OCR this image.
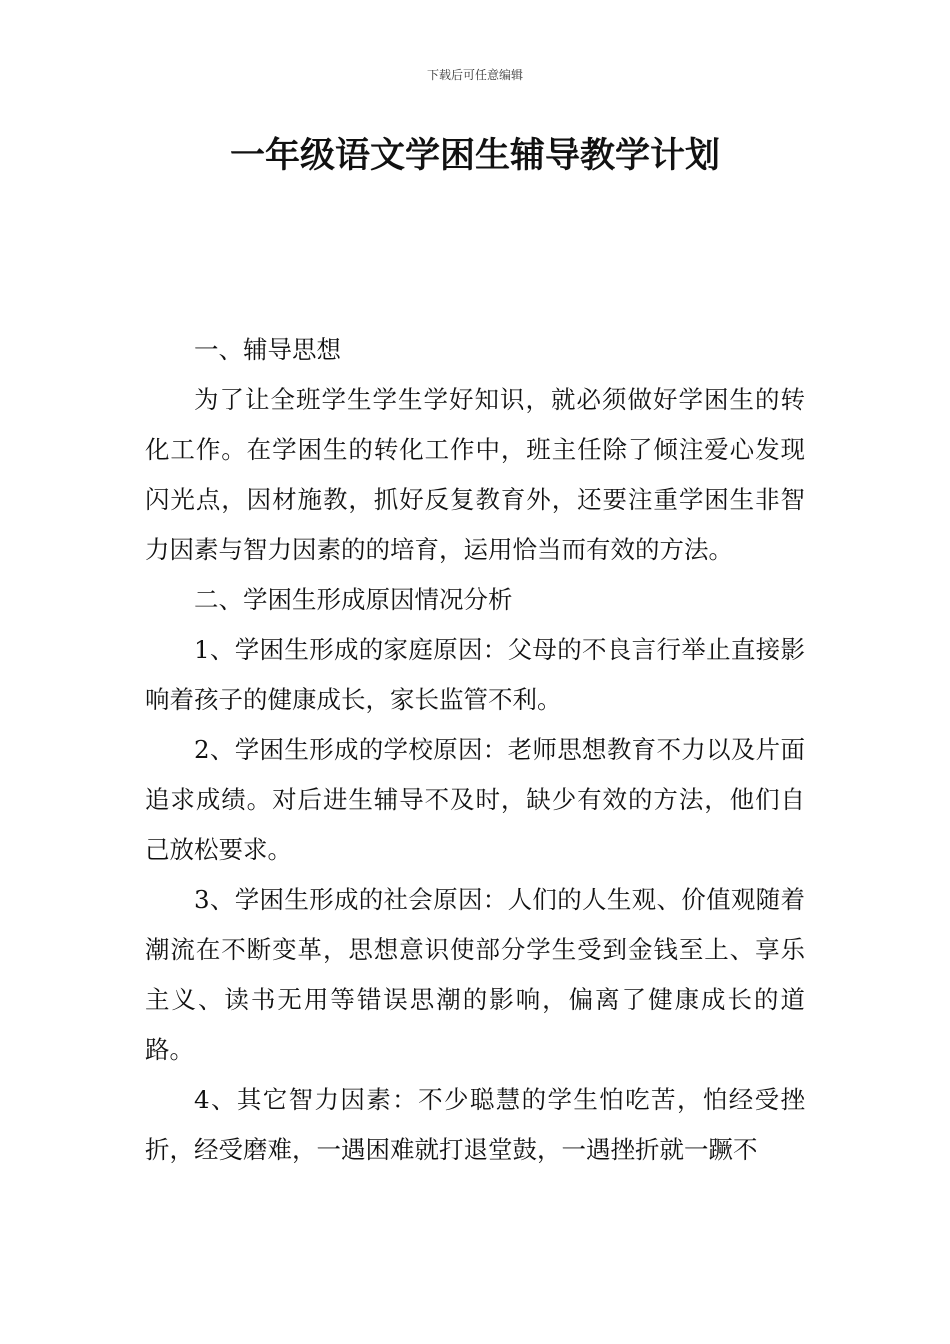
下载后可任意编辑
一年级语文学困生辅导教学计划

一、辅导思想

为了让全班学生学生学好知识，就必须做好学困生的转化工作。在学困生的转化工作中，班主任除了倾注爱心发现闪光点，因材施教，抓好反复教育外，还要注重学困生非智力因素与智力因素的的培育，运用恰当而有效的方法。

二、学困生形成原因情况分析

1、学困生形成的家庭原因：父母的不良言行举止直接影响着孩子的健康成长，家长监管不利。

2、学困生形成的学校原因：老师思想教育不力以及片面追求成绩。对后进生辅导不及时，缺少有效的方法，他们自己放松要求。

3、学困生形成的社会原因：人们的人生观、价值观随着潮流在不断变革，思想意识使部分学生受到金钱至上、享乐主义、读书无用等错误思潮的影响，偏离了健康成长的道路。

4、其它智力因素：不少聪慧的学生怕吃苦，怕经受挫折，经受磨难，一遇困难就打退堂鼓，一遇挫折就一蹶不
